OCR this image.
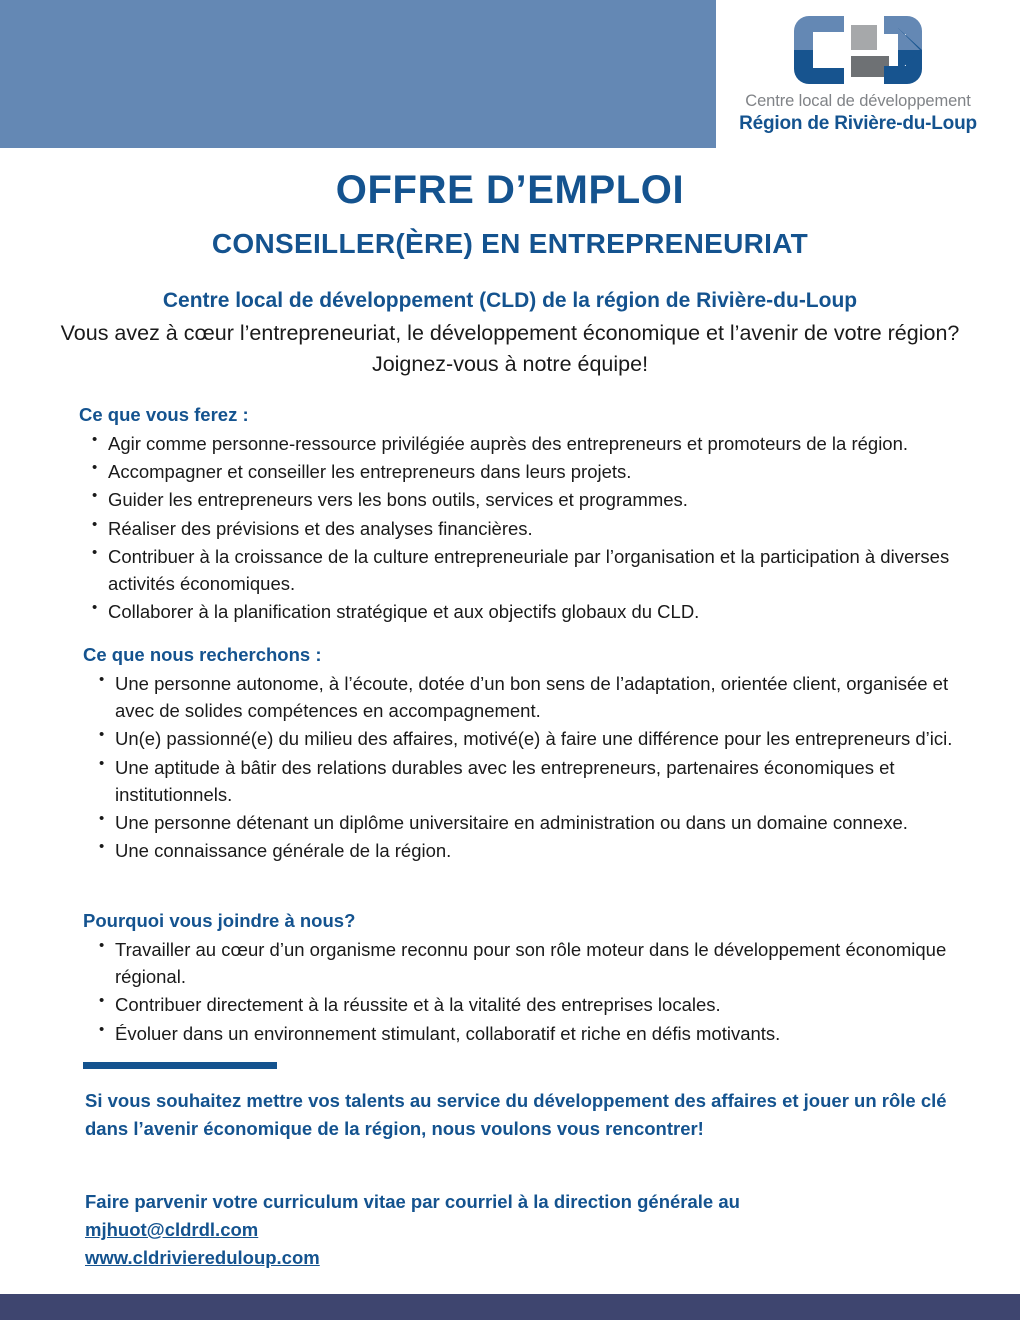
Centre local de développement
Région de Rivière-du-Loup
OFFRE D’EMPLOI
CONSEILLER(ÈRE) EN ENTREPRENEURIAT
Centre local de développement (CLD) de la région de Rivière-du-Loup
Vous avez à cœur l’entrepreneuriat, le développement économique et l’avenir de votre région? Joignez-vous à notre équipe!
Ce que vous ferez :
• Agir comme personne-ressource privilégiée auprès des entrepreneurs et promoteurs de la région.
• Accompagner et conseiller les entrepreneurs dans leurs projets.
• Guider les entrepreneurs vers les bons outils, services et programmes.
• Réaliser des prévisions et des analyses financières.
• Contribuer à la croissance de la culture entrepreneuriale par l’organisation et la participation à diverses activités économiques.
• Collaborer à la planification stratégique et aux objectifs globaux du CLD.
Ce que nous recherchons :
• Une personne autonome, à l’écoute, dotée d’un bon sens de l’adaptation, orientée client, organisée et avec de solides compétences en accompagnement.
• Un(e) passionné(e) du milieu des affaires, motivé(e) à faire une différence pour les entrepreneurs d’ici.
• Une aptitude à bâtir des relations durables avec les entrepreneurs, partenaires économiques et institutionnels.
• Une personne détenant un diplôme universitaire en administration ou dans un domaine connexe.
• Une connaissance générale de la région.
Pourquoi vous joindre à nous?
• Travailler au cœur d’un organisme reconnu pour son rôle moteur dans le développement économique régional.
• Contribuer directement à la réussite et à la vitalité des entreprises locales.
• Évoluer dans un environnement stimulant, collaboratif et riche en défis motivants.
Si vous souhaitez mettre vos talents au service du développement des affaires et jouer un rôle clé dans l’avenir économique de la région, nous voulons vous rencontrer!
Faire parvenir votre curriculum vitae par courriel à la direction générale au
mjhuot@cldrdl.com
www.cldriviereduloup.com
